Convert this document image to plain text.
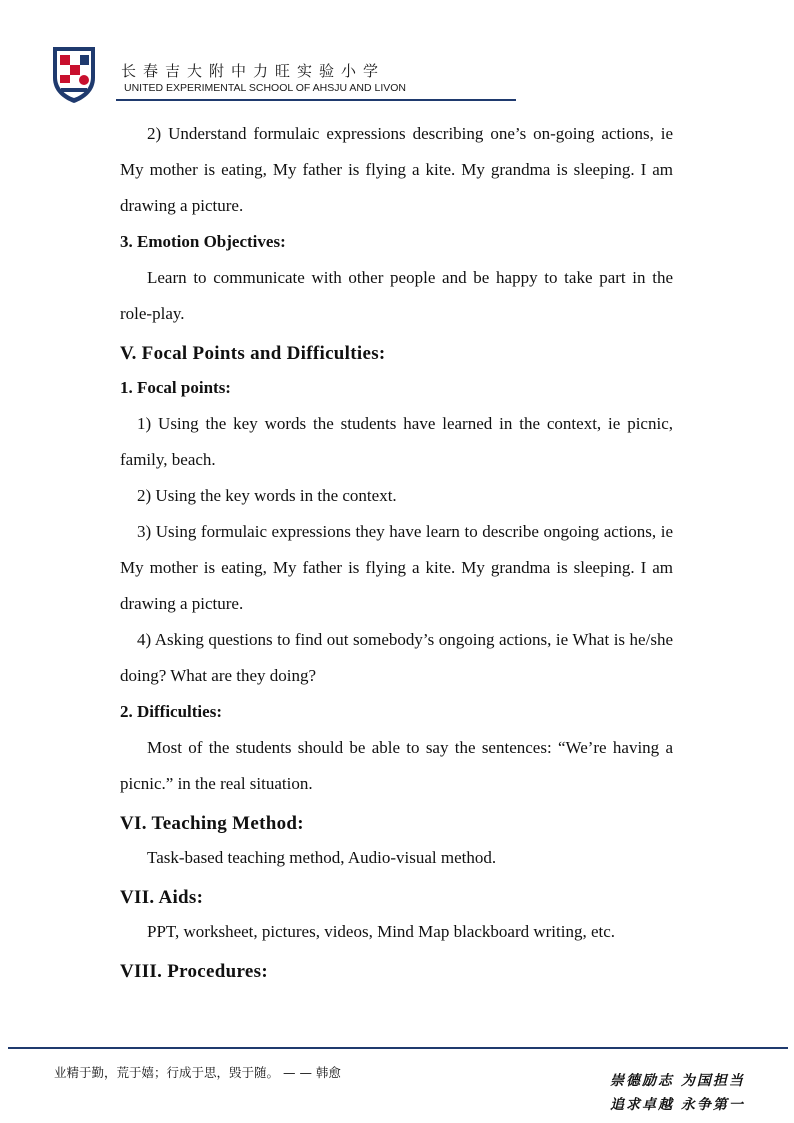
长春吉大附中力旺实验小学
UNITED EXPERIMENTAL SCHOOL OF AHSJU AND LIVON

2) Understand formulaic expressions describing one’s on-going actions, ie My mother is eating, My father is flying a kite. My grandma is sleeping. I am drawing a picture.

3. Emotion Objectives:

Learn to communicate with other people and be happy to take part in the role-play.

V. Focal Points and Difficulties:

1. Focal points:

1) Using the key words the students have learned in the context, ie picnic, family, beach.

2) Using the key words in the context.

3) Using formulaic expressions they have learn to describe ongoing actions, ie My mother is eating, My father is flying a kite. My grandma is sleeping. I am drawing a picture.

4) Asking questions to find out somebody’s ongoing actions, ie What is he/she doing? What are they doing?

2. Difficulties:

Most of the students should be able to say the sentences: “We’re having a picnic.” in the real situation.

VI. Teaching Method:

Task-based teaching method, Audio-visual method.

VII. Aids:

PPT, worksheet, pictures, videos, Mind Map blackboard writing, etc.

VIII. Procedures:

业精于勤，荒于嬉；行成于思，毁于随。 — — 韩愈
崇德励志 为国担当
追求卓越 永争第一
